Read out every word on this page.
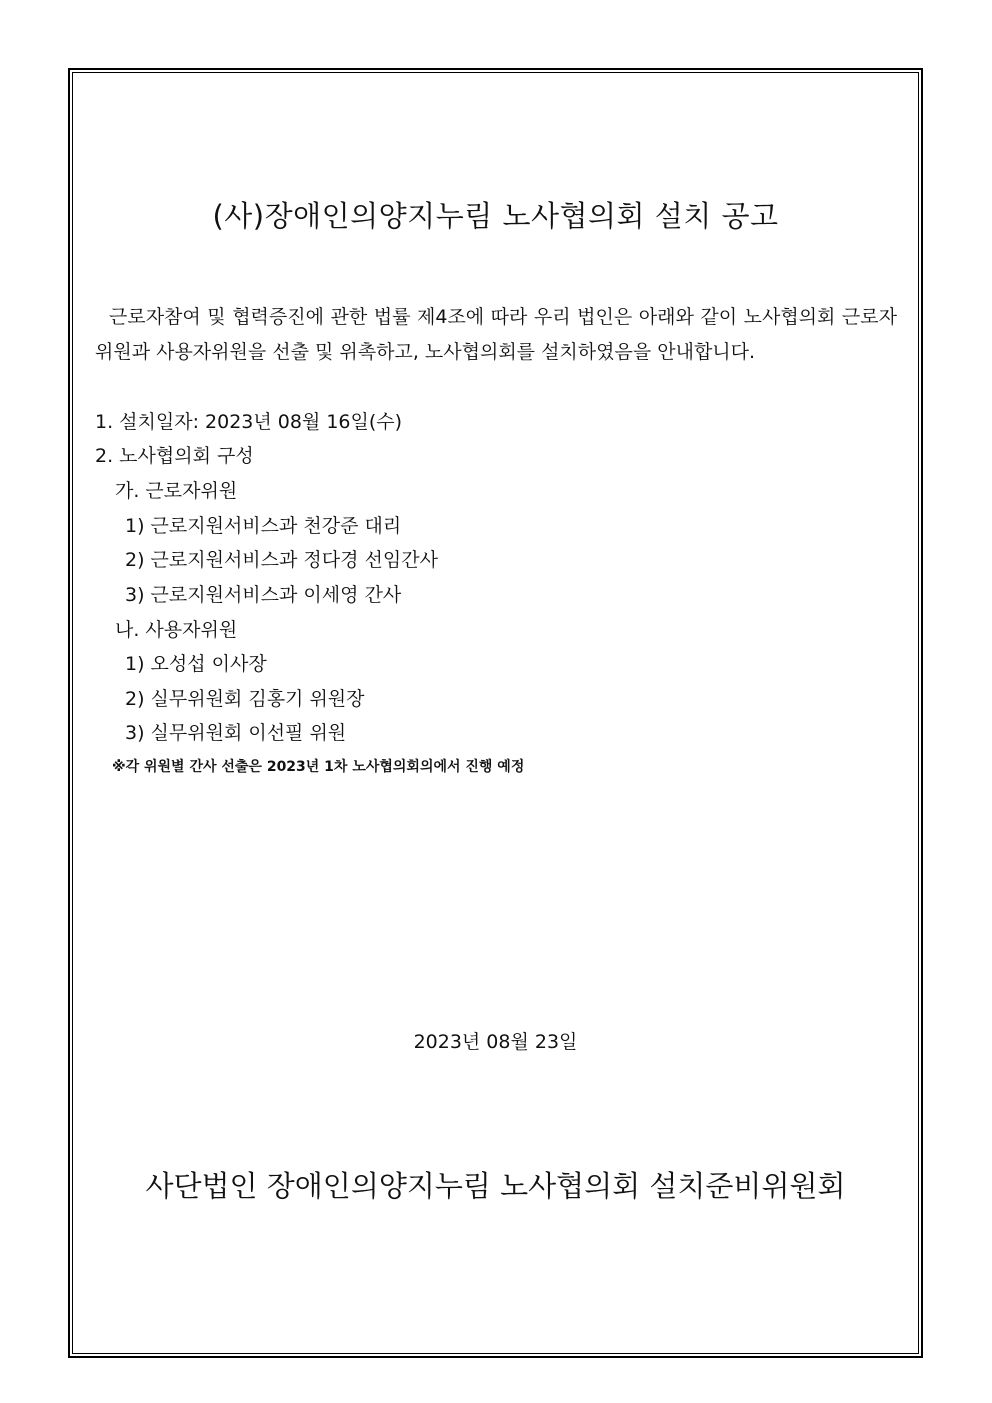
(사)장애인의양지누림 노사협의회 설치 공고

근로자참여 및 협력증진에 관한 법률 제4조에 따라 우리 법인은 아래와 같이 노사협의회 근로자위원과 사용자위원을 선출 및 위촉하고, 노사협의회를 설치하였음을 안내합니다.

1. 설치일자: 2023년 08월 16일(수)
2. 노사협의회 구성
가. 근로자위원
1) 근로지원서비스과 천강준 대리
2) 근로지원서비스과 정다경 선임간사
3) 근로지원서비스과 이세영 간사
나. 사용자위원
1) 오성섭 이사장
2) 실무위원회 김홍기 위원장
3) 실무위원회 이선필 위원
※각 위원별 간사 선출은 2023년 1차 노사협의회의에서 진행 예정
2023년 08월 23일
사단법인 장애인의양지누림 노사협의회 설치준비위원회
